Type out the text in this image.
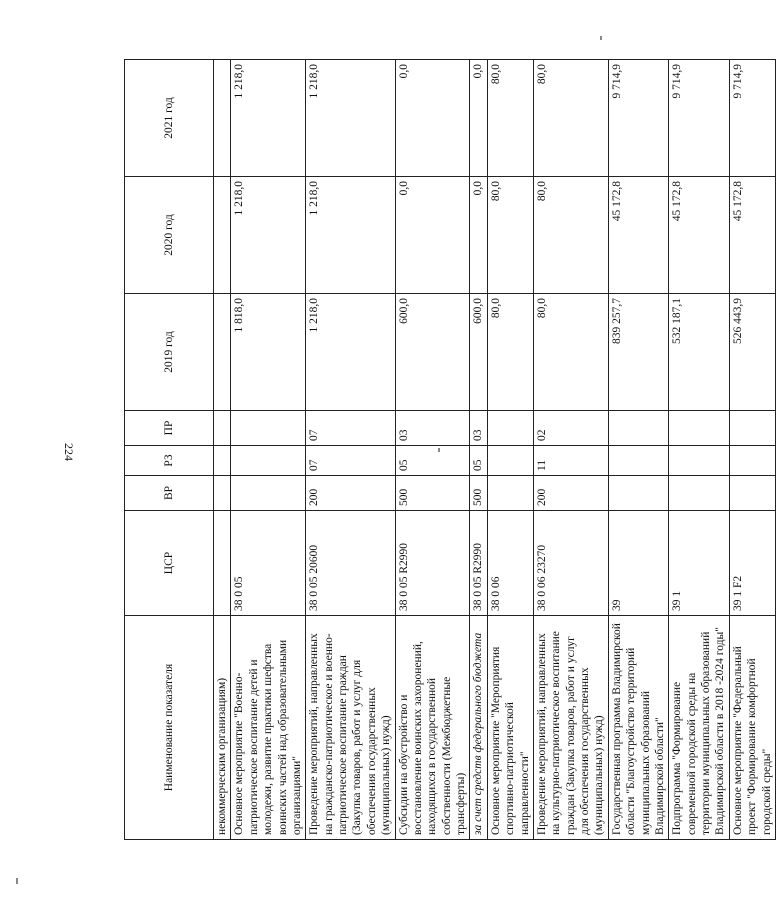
224
Наименование показателя	ЦСР	ВР	РЗ	ПР	2019 год	2020 год	2021 год
некоммерческим организациям)							
Основное мероприятие "Военно-патриотическое воспитание детей и молодежи, развитие практики шефства воинских частей над образовательными организациями"	38 0 05				1 818,0	1 218,0	1 218,0
Проведение мероприятий, направленных на гражданско-патриотическое и военно-патриотическое воспитание граждан (Закупка товаров, работ и услуг для обеспечения государственных (муниципальных) нужд)	38 0 05 20600	200	07	07	1 218,0	1 218,0	1 218,0
Субсидии на обустройство и восстановление воинских захоронений, находящихся в государственной собственности (Межбюджетные трансферты)	38 0 05 R2990	500	05	03	600,0	0,0	0,0
за счет средств федерального бюджета	38 0 05 R2990	500	05	03	600,0	0,0	0,0
Основное мероприятие "Мероприятия спортивно-патриотической направленности"	38 0 06				80,0	80,0	80,0
Проведение мероприятий, направленных на культурно-патриотическое воспитание граждан (Закупка товаров, работ и услуг для обеспечения государственных (муниципальных) нужд)	38 0 06 23270	200	11	02	80,0	80,0	80,0
Государственная программа Владимирской области "Благоустройство территорий муниципальных образований Владимирской области"	39				839 257,7	45 172,8	9 714,9
Подпрограмма "Формирование современной городской среды на территории муниципальных образований Владимирской области в 2018 -2024 годы"	39 1				532 187,1	45 172,8	9 714,9
Основное мероприятие "Федеральный проект "Формирование комфортной городской среды"	39 1 F2				526 443,9	45 172,8	9 714,9
